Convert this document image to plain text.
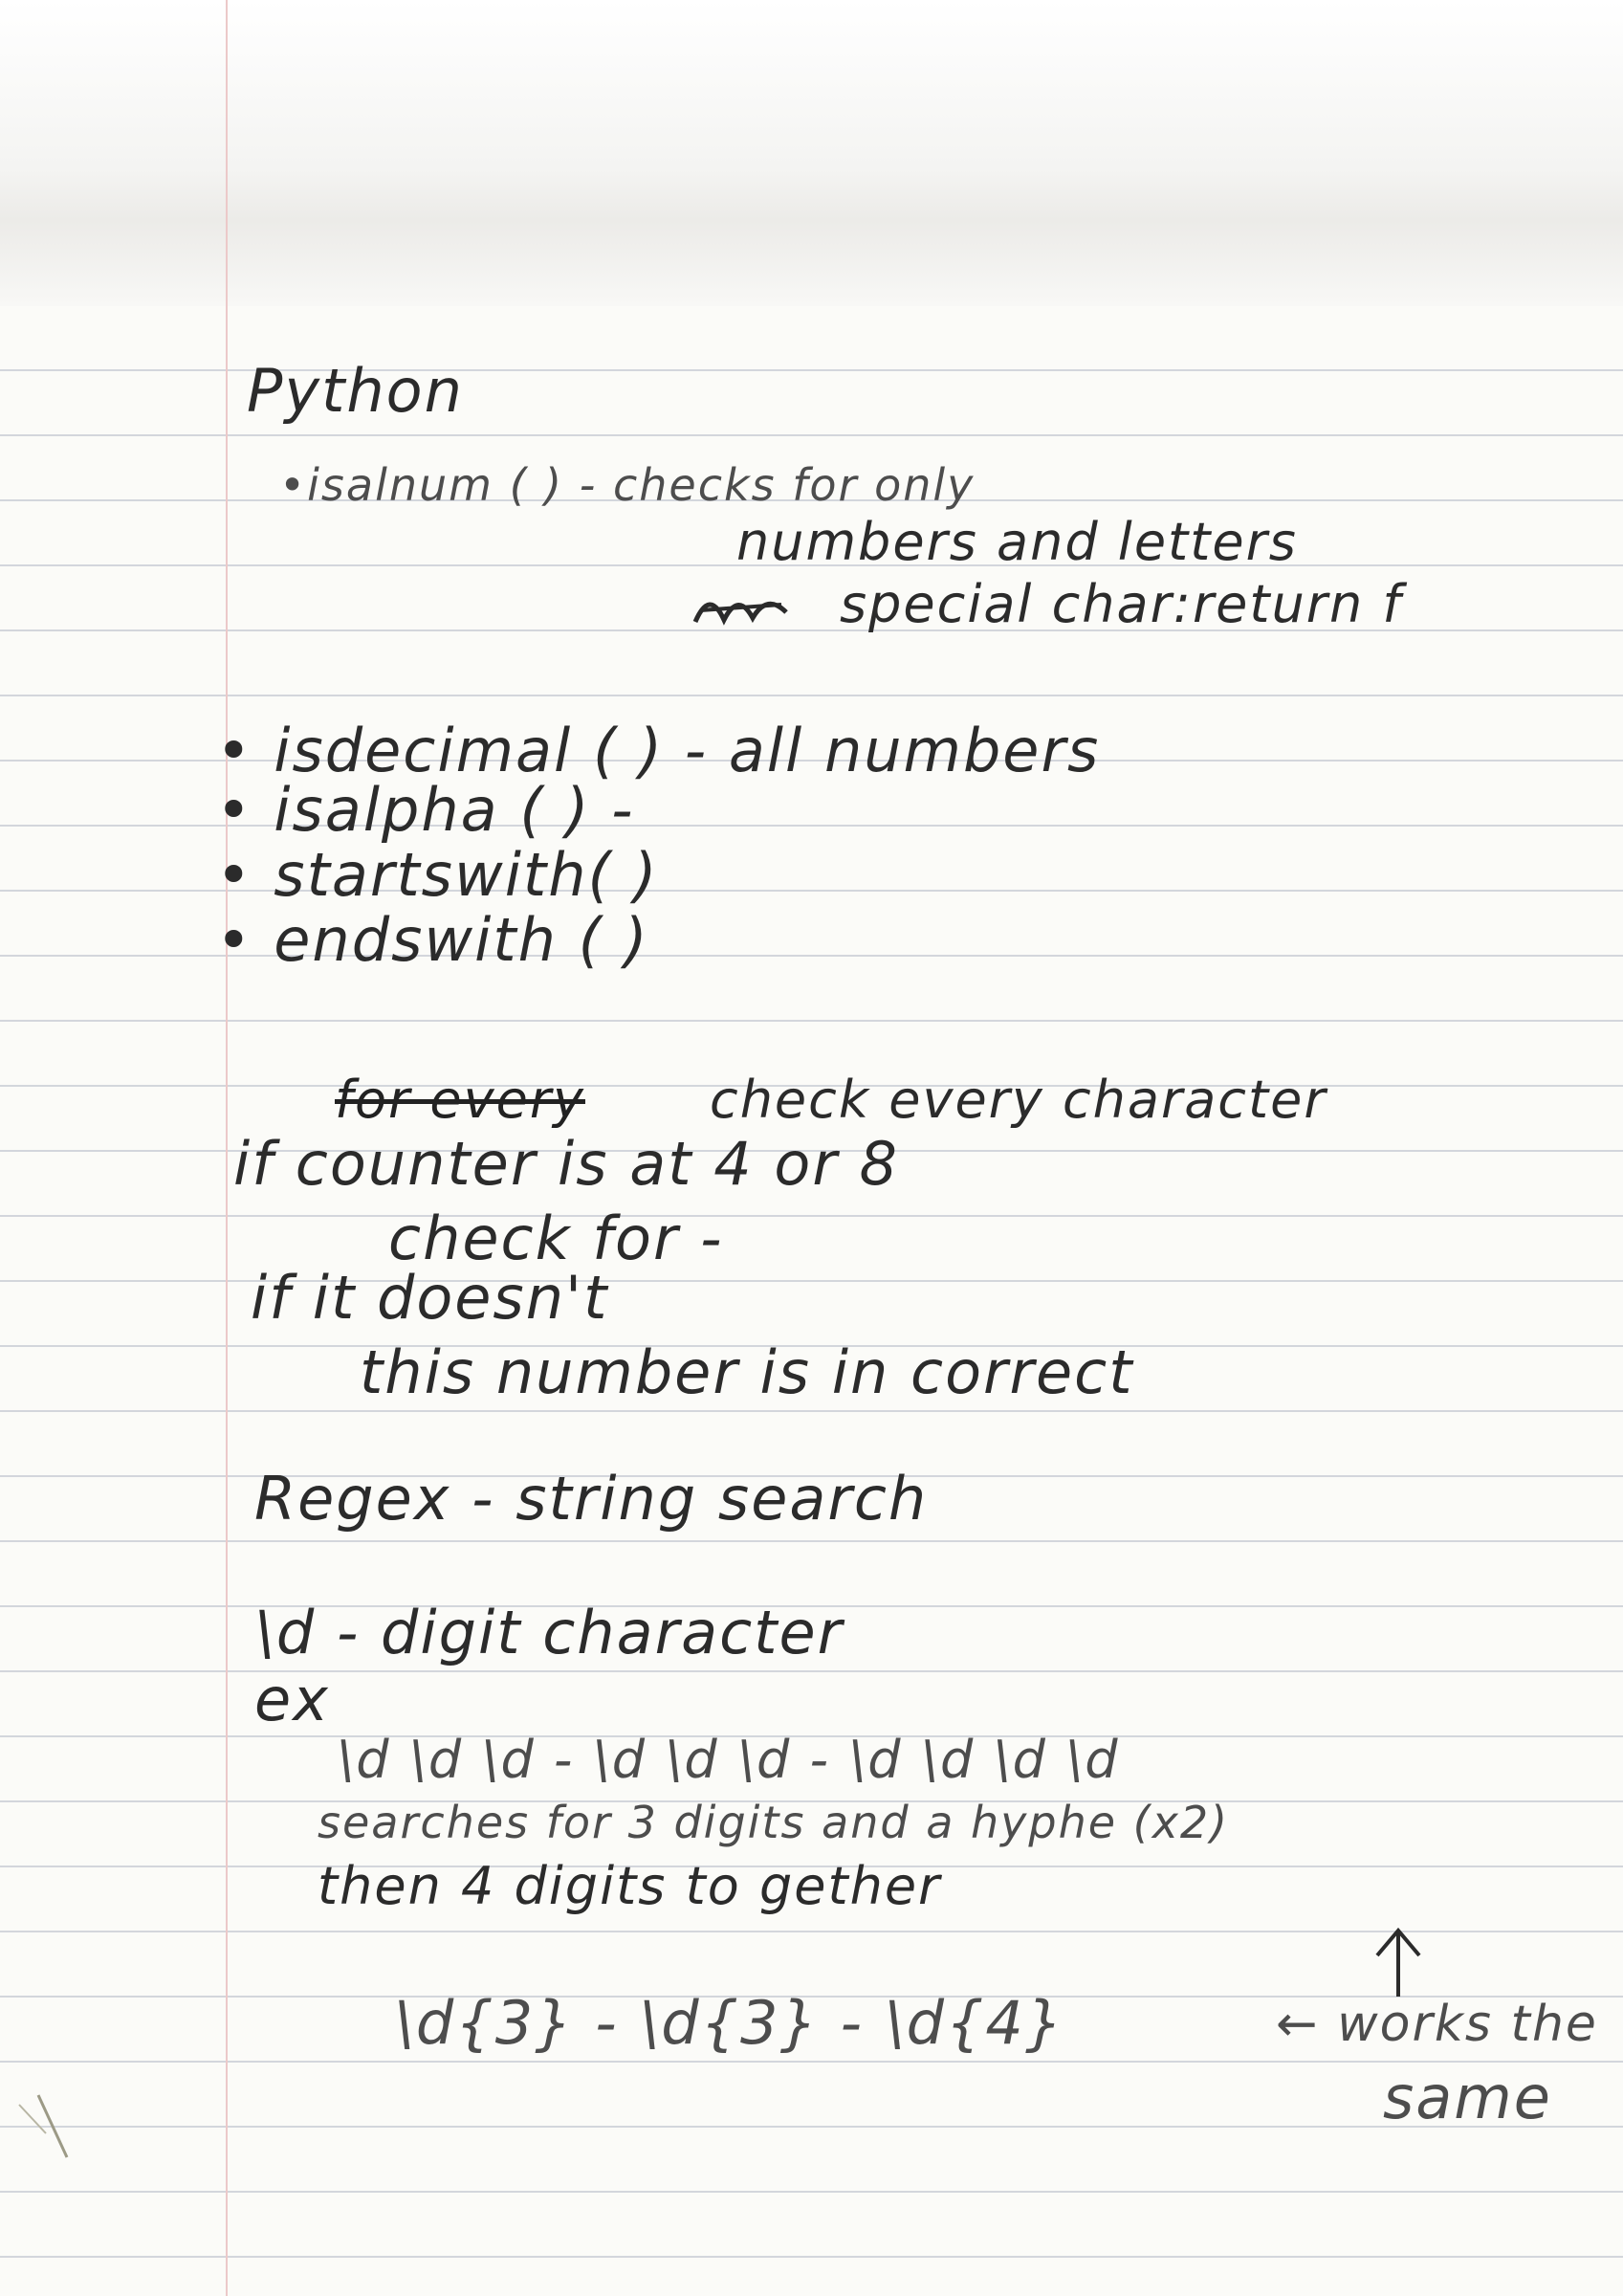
Python

•isalnum ( ) - checks for only

numbers and letters

special char:return f

• isdecimal ( ) - all numbers

• isalpha ( ) -

• startswith( )

• endswith ( )

for every check every character

if counter is at 4 or 8

check for -

if it doesn't

this number is in correct

Regex - string search

\d - digit character

ex

\d \d \d - \d \d \d - \d \d \d \d

searches for 3 digits and a hyphe (x2)

then 4 digits to gether

\d{3} - \d{3} - \d{4}	← works the

same
